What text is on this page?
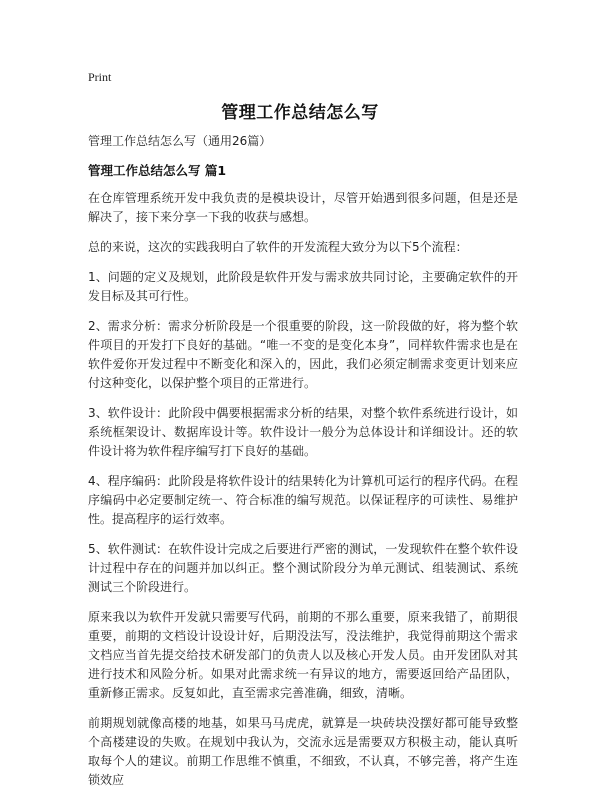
Print
管理工作总结怎么写

管理工作总结怎么写（通用26篇）

管理工作总结怎么写 篇1

在仓库管理系统开发中我负责的是模块设计，尽管开始遇到很多问题，但是还是解决了，接下来分享一下我的收获与感想。

总的来说，这次的实践我明白了软件的开发流程大致分为以下5个流程：

1、问题的定义及规划，此阶段是软件开发与需求放共同讨论，主要确定软件的开发目标及其可行性。

2、需求分析：需求分析阶段是一个很重要的阶段，这一阶段做的好，将为整个软件项目的开发打下良好的基础。“唯一不变的是变化本身”，同样软件需求也是在软件爱你开发过程中不断变化和深入的，因此，我们必须定制需求变更计划来应付这种变化，以保护整个项目的正常进行。

3、软件设计：此阶段中偶要根据需求分析的结果，对整个软件系统进行设计，如系统框架设计、数据库设计等。软件设计一般分为总体设计和详细设计。还的软件设计将为软件程序编写打下良好的基础。

4、程序编码：此阶段是将软件设计的结果转化为计算机可运行的程序代码。在程序编码中必定要制定统一、符合标准的编写规范。以保证程序的可读性、易维护性。提高程序的运行效率。

5、软件测试：在软件设计完成之后要进行严密的测试，一发现软件在整个软件设计过程中存在的问题并加以纠正。整个测试阶段分为单元测试、组装测试、系统测试三个阶段进行。

原来我以为软件开发就只需要写代码，前期的不那么重要，原来我错了，前期很重要，前期的文档设计设设计好，后期没法写，没法维护，我觉得前期这个需求文档应当首先提交给技术研发部门的负责人以及核心开发人员。由开发团队对其进行技术和风险分析。如果对此需求统一有异议的地方，需要返回给产品团队，重新修正需求。反复如此，直至需求完善准确，细致，清晰。

前期规划就像高楼的地基，如果马马虎虎，就算是一块砖块没摆好都可能导致整个高楼建设的失败。在规划中我认为，交流永远是需要双方积极主动，能认真听取每个人的建议。前期工作思维不慎重，不细致，不认真，不够完善，将产生连锁效应
